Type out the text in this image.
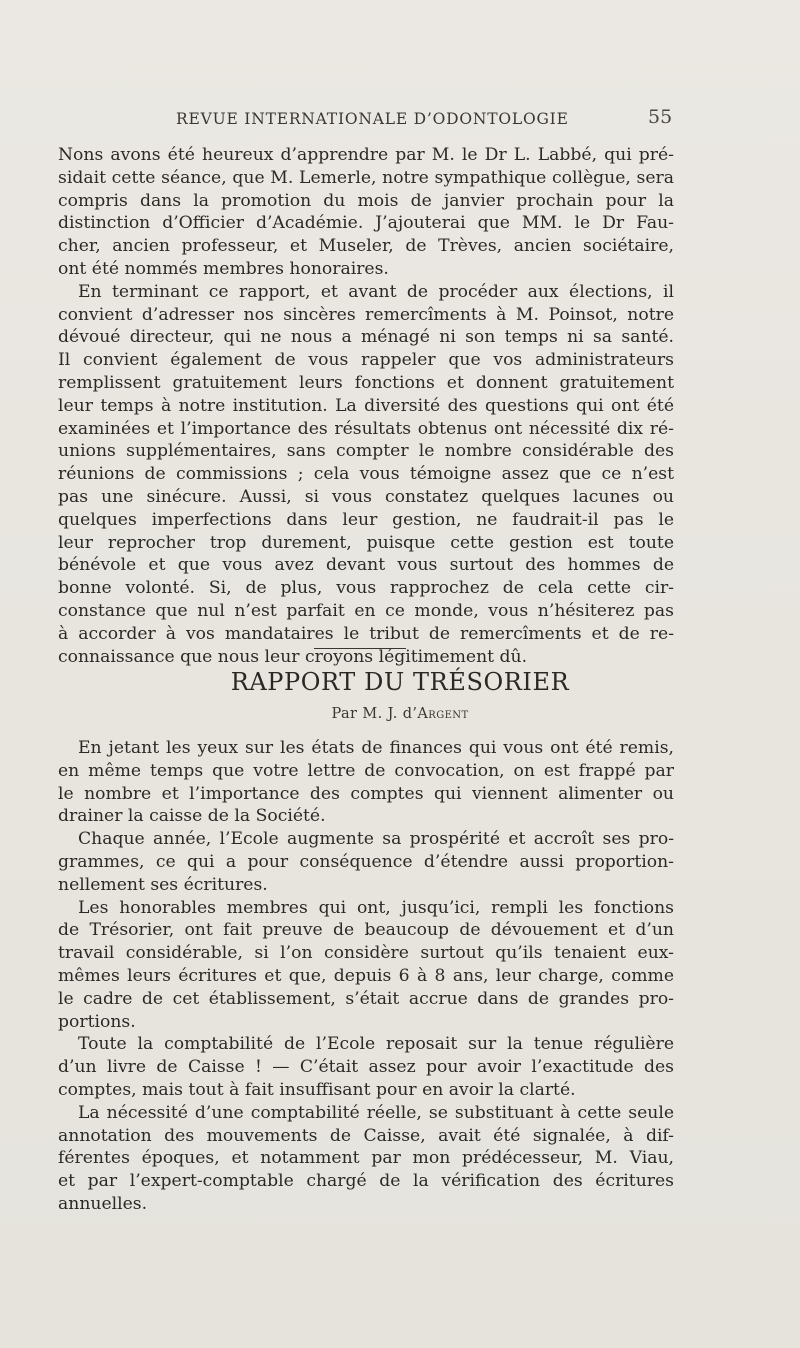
REVUE INTERNATIONALE D’ODONTOLOGIE	55
Nons avons été heureux d’apprendre par M. le Dr L. Labbé, qui pré-
sidait cette séance, que M. Lemerle, notre sympathique collègue, sera
compris dans la promotion du mois de janvier prochain pour la
distinction d’Officier d’Académie. J’ajouterai que MM. le Dr Fau-
cher, ancien professeur, et Museler, de Trèves, ancien sociétaire,
ont été nommés membres honoraires.
En terminant ce rapport, et avant de procéder aux élections, il
convient d’adresser nos sincères remercîments à M. Poinsot, notre
dévoué directeur, qui ne nous a ménagé ni son temps ni sa santé.
Il convient également de vous rappeler que vos administrateurs
remplissent gratuitement leurs fonctions et donnent gratuitement
leur temps à notre institution. La diversité des questions qui ont été
examinées et l’importance des résultats obtenus ont nécessité dix ré-
unions supplémentaires, sans compter le nombre considérable des
réunions de commissions ; cela vous témoigne assez que ce n’est
pas une sinécure. Aussi, si vous constatez quelques lacunes ou
quelques imperfections dans leur gestion, ne faudrait-il pas le
leur reprocher trop durement, puisque cette gestion est toute
bénévole et que vous avez devant vous surtout des hommes de
bonne volonté. Si, de plus, vous rapprochez de cela cette cir-
constance que nul n’est parfait en ce monde, vous n’hésiterez pas
à accorder à vos mandataires le tribut de remercîments et de re-
connaissance que nous leur croyons légitimement dû.
RAPPORT DU TRÉSORIER
Par M. J. d’Argent
En jetant les yeux sur les états de finances qui vous ont été remis,
en même temps que votre lettre de convocation, on est frappé par
le nombre et l’importance des comptes qui viennent alimenter ou
drainer la caisse de la Société.
Chaque année, l’Ecole augmente sa prospérité et accroît ses pro-
grammes, ce qui a pour conséquence d’étendre aussi proportion-
nellement ses écritures.
Les honorables membres qui ont, jusqu’ici, rempli les fonctions
de Trésorier, ont fait preuve de beaucoup de dévouement et d’un
travail considérable, si l’on considère surtout qu’ils tenaient eux-
mêmes leurs écritures et que, depuis 6 à 8 ans, leur charge, comme
le cadre de cet établissement, s’était accrue dans de grandes pro-
portions.
Toute la comptabilité de l’Ecole reposait sur la tenue régulière
d’un livre de Caisse ! — C’était assez pour avoir l’exactitude des
comptes, mais tout à fait insuffisant pour en avoir la clarté.
La nécessité d’une comptabilité réelle, se substituant à cette seule
annotation des mouvements de Caisse, avait été signalée, à dif-
férentes époques, et notamment par mon prédécesseur, M. Viau,
et par l’expert-comptable chargé de la vérification des écritures
annuelles.
